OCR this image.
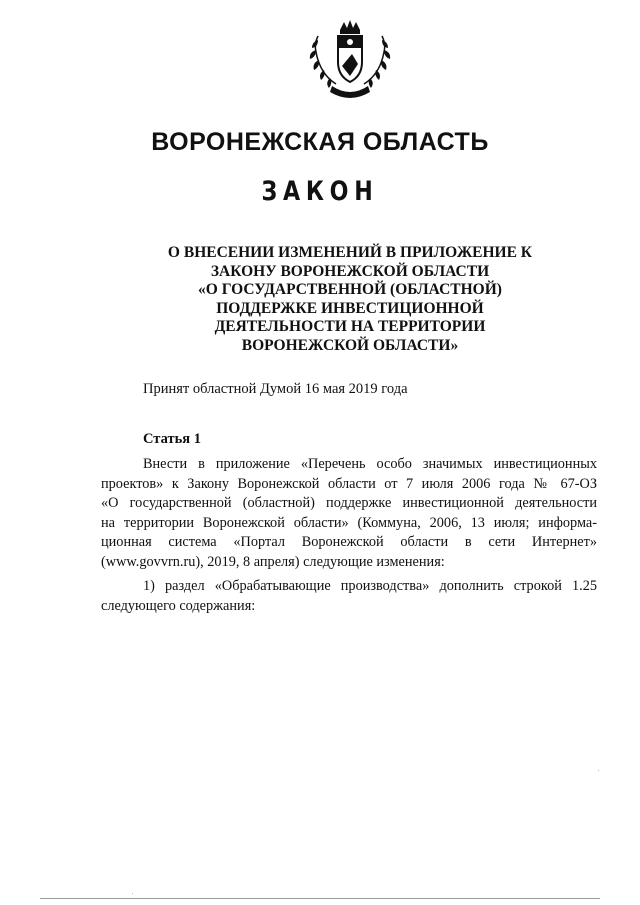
ВОРОНЕЖСКАЯ ОБЛАСТЬ
ЗАКОН
О ВНЕСЕНИИ ИЗМЕНЕНИЙ В ПРИЛОЖЕНИЕ К
ЗАКОНУ ВОРОНЕЖСКОЙ ОБЛАСТИ
«О ГОСУДАРСТВЕННОЙ (ОБЛАСТНОЙ)
ПОДДЕРЖКЕ ИНВЕСТИЦИОННОЙ
ДЕЯТЕЛЬНОСТИ НА ТЕРРИТОРИИ
ВОРОНЕЖСКОЙ ОБЛАСТИ»

Принят областной Думой 16 мая 2019 года

Статья 1

Внести в приложение «Перечень особо значимых инвестиционных
проектов» к Закону Воронежской области от 7 июля 2006 года № 67-ОЗ
«О государственной (областной) поддержке инвестиционной деятельности
на территории Воронежской области» (Коммуна, 2006, 13 июля; информа-
ционная система «Портал Воронежской области в сети Интернет»
(www.govvrn.ru), 2019, 8 апреля) следующие изменения:

1) раздел «Обрабатывающие производства» дополнить строкой 1.25
следующего содержания:
